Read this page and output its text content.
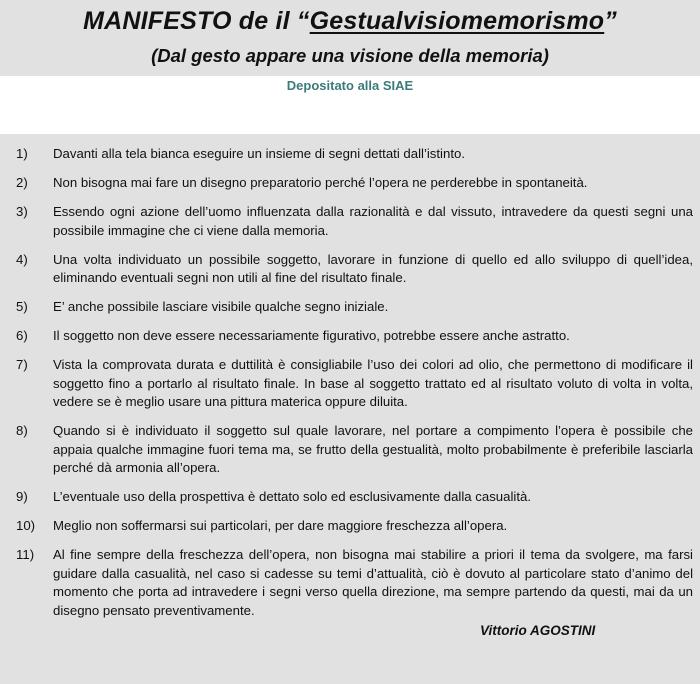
MANIFESTO de il “Gestualvisiomemorismo”
(Dal gesto appare una visione della memoria)
Depositato alla SIAE
1) Davanti alla tela bianca eseguire un insieme di segni dettati dall’istinto.
2) Non bisogna mai fare un disegno preparatorio perché l’opera ne perderebbe in spontaneità.
3) Essendo ogni azione dell’uomo influenzata dalla razionalità e dal vissuto, intravedere da questi segni una possibile immagine che ci viene dalla memoria.
4) Una volta individuato un possibile soggetto, lavorare in funzione di quello ed allo sviluppo di quell’idea, eliminando eventuali segni non utili al fine del risultato finale.
5) E’ anche possibile lasciare visibile qualche segno iniziale.
6) Il soggetto non deve essere necessariamente figurativo, potrebbe essere anche astratto.
7) Vista la comprovata durata e duttilità è consigliabile l’uso dei colori ad olio, che permettono di modificare il soggetto fino a portarlo al risultato finale. In base al soggetto trattato ed al risultato voluto di volta in volta, vedere se è meglio usare una pittura materica oppure diluita.
8) Quando si è individuato il soggetto sul quale lavorare, nel portare a compimento l’opera è possibile che appaia qualche immagine fuori tema ma, se frutto della gestualità, molto probabilmente è preferibile lasciarla perché dà armonia all’opera.
9) L’eventuale uso della prospettiva è dettato solo ed esclusivamente dalla casualità.
10) Meglio non soffermarsi sui particolari, per dare maggiore freschezza all’opera.
11) Al fine sempre della freschezza dell’opera, non bisogna mai stabilire a priori il tema da svolgere, ma farsi guidare dalla casualità, nel caso si cadesse su temi d’attualità, ciò è dovuto al particolare stato d’animo del momento che porta ad intravedere i segni verso quella direzione, ma sempre partendo da questi, mai da un disegno pensato preventivamente.
Vittorio AGOSTINI
